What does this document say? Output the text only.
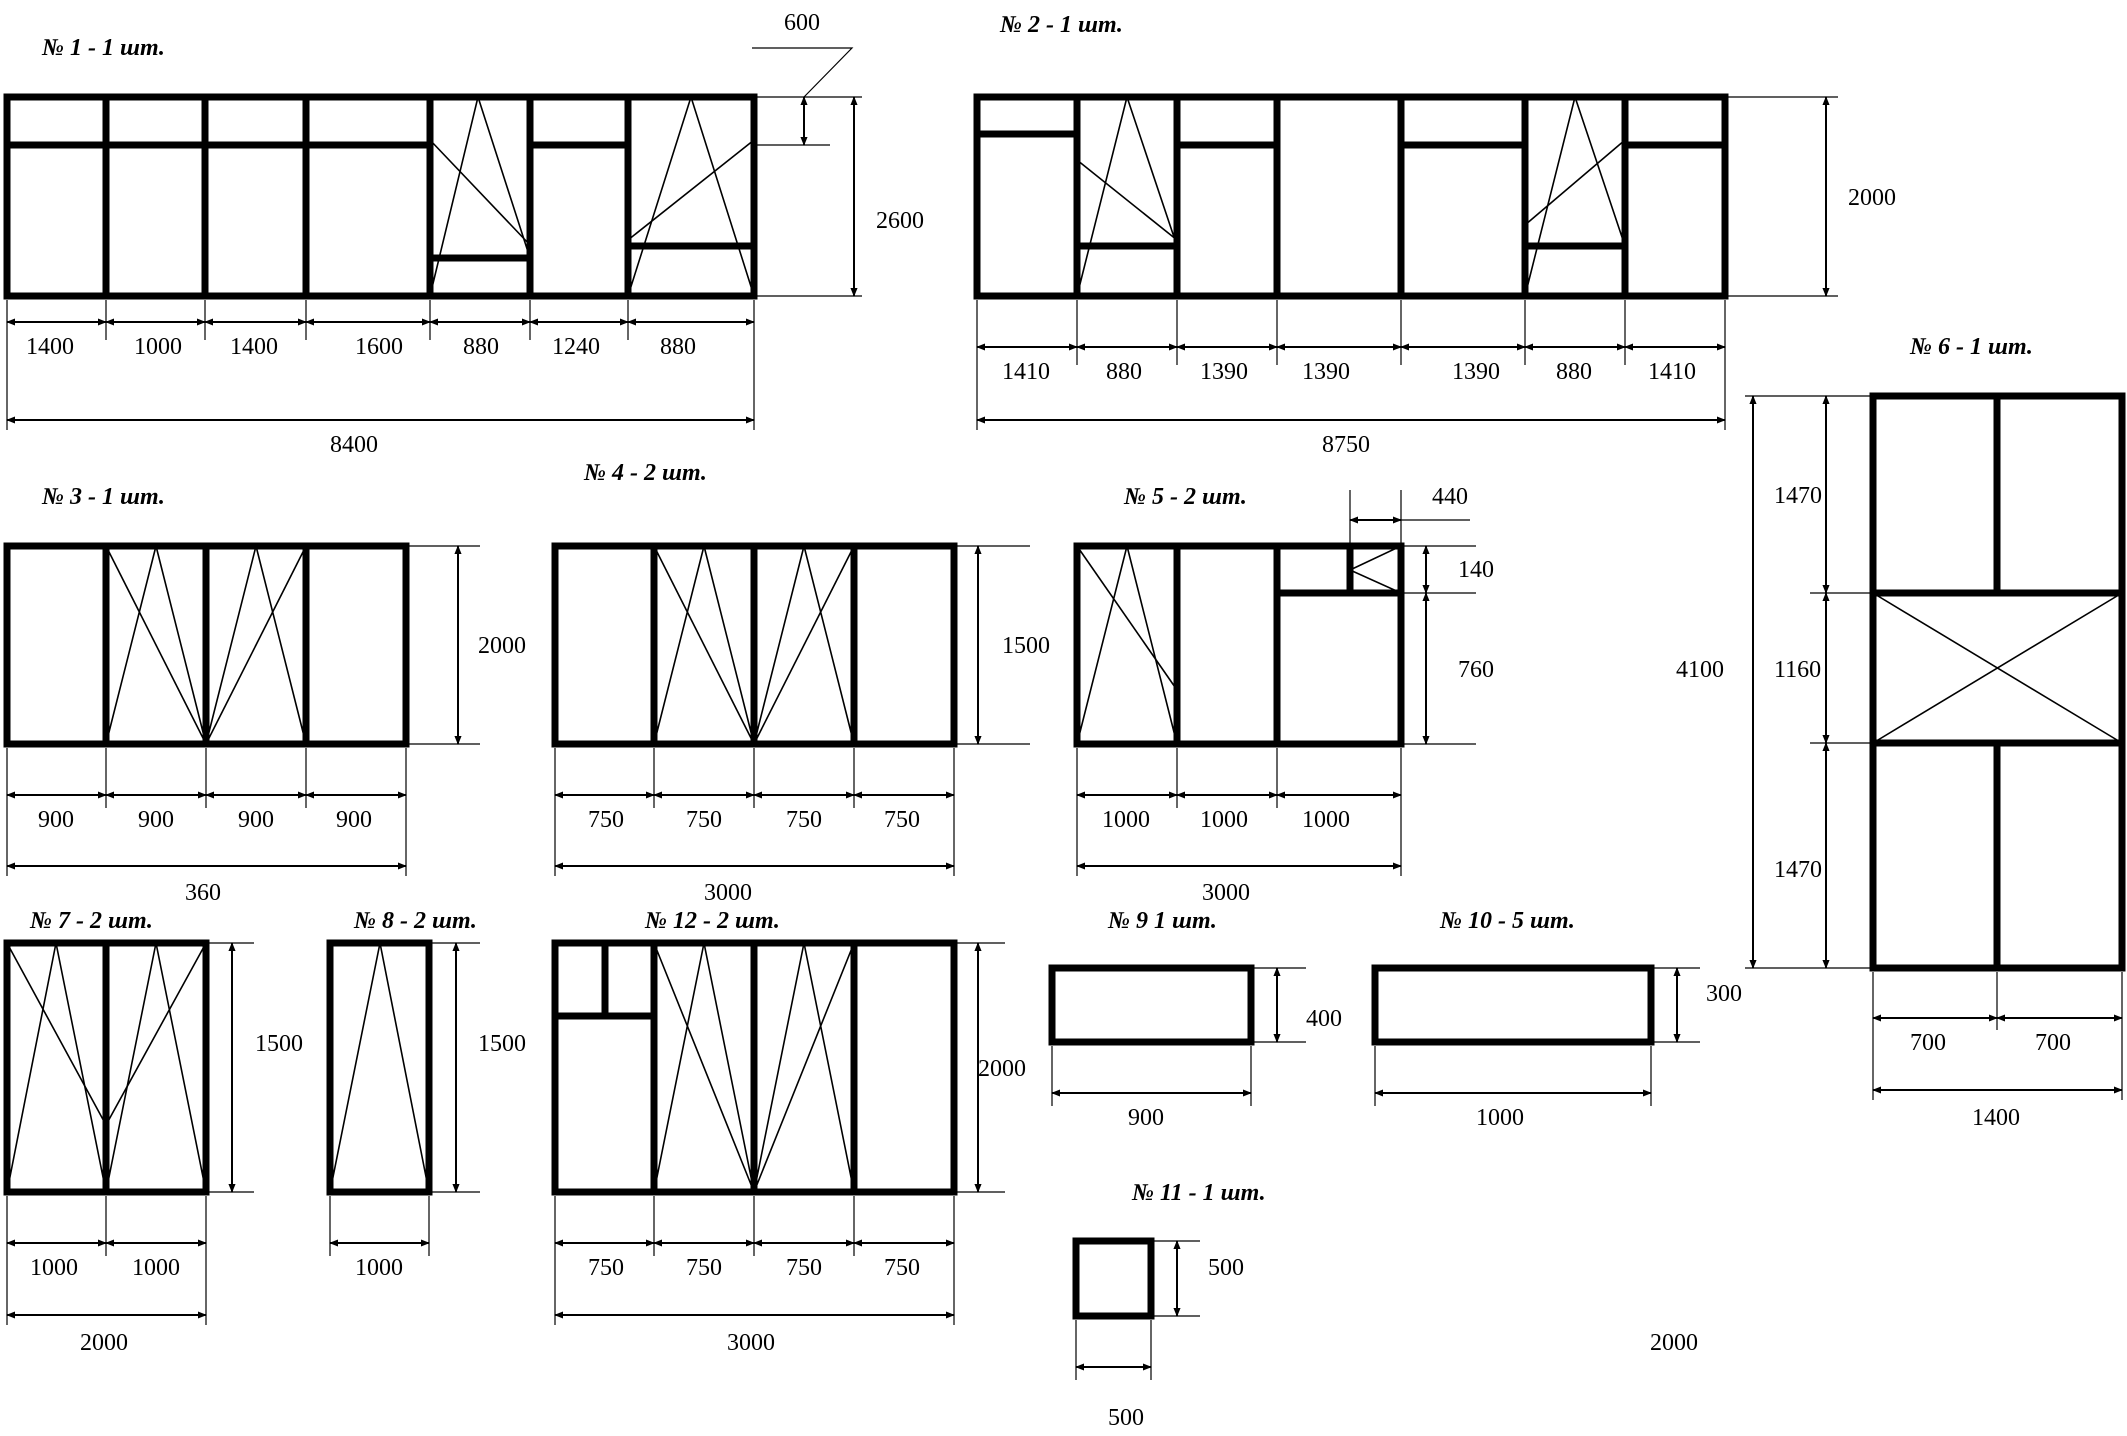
№ 1 - 1 шт.
1400	1000 1400	1600	880 1240	880
8400
2600
600	№ 2 - 1 шт.
1410 880 1390 1390	1390 880 1410
8750
2000
№ 3 - 1 шт.
900	900	900	900
360
2000
№ 4 - 2 шт.
750	750	750	750
3000
1500
№ 5 - 2 шт.	440
140
760
1000 1000 1000
3000
№ 6 - 1 шт.
4100
1470
1160
1470
700	700
1400
№ 7 - 2 шт.
1000 1000
2000
1500
№ 8 - 2 шт.
1000
1500
№ 12 - 2 шт.
750	750	750	750
3000
2000
№ 9 1 шт.
900
400
№ 10 - 5 шт.
1000
300
№ 11 - 1 шт.
500
500
2000
